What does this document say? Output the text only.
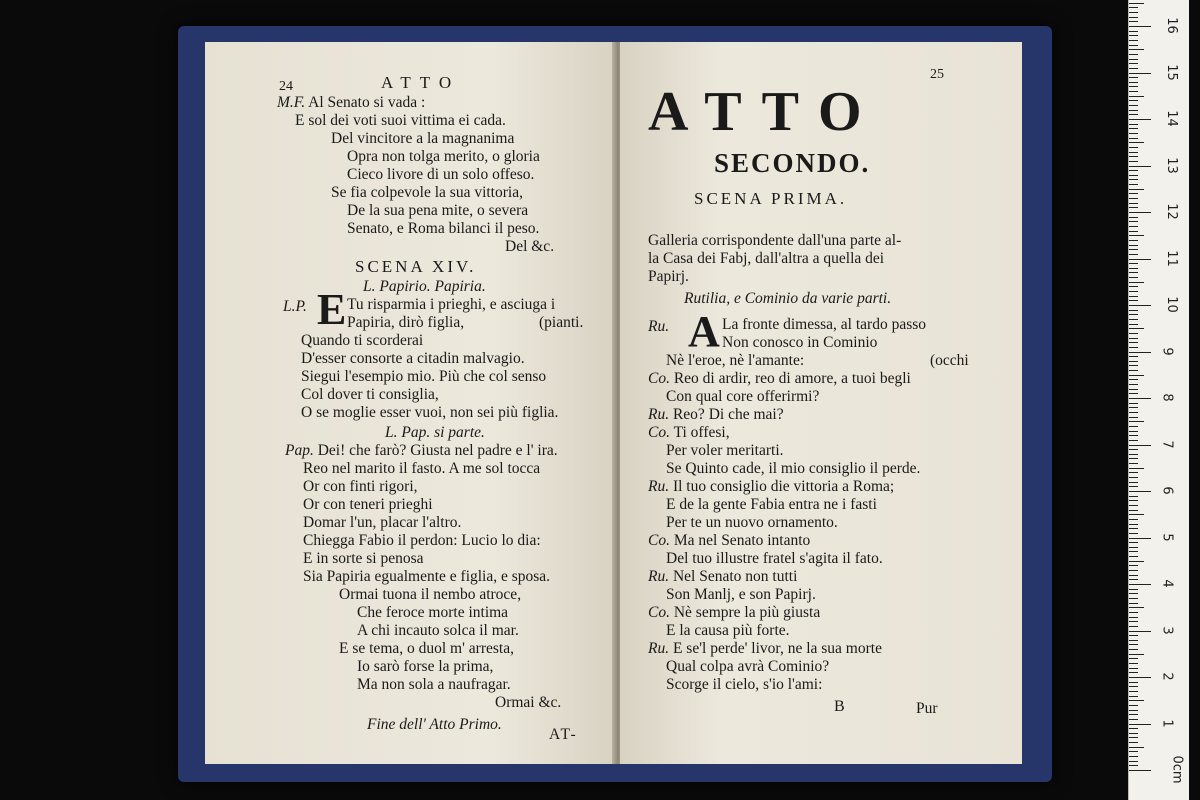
24	ATTO
M.F. Al Senato si vada :
E sol dei voti suoi vittima ei cada.
Del vincitore a la magnanima
Opra non tolga merito, o gloria
Cieco livore di un solo offeso.
Se fia colpevole la sua vittoria,
De la sua pena mite, o severa
Senato, e Roma bilanci il peso.
Del &c.
SCENA XIV.
L. Papirio. Papiria.
L.P. E Tu risparmia i prieghi, e asciuga i
Papiria, dirò figlia,	(pianti.
Quando ti scorderai
D'esser consorte a citadin malvagio.
Siegui l'esempio mio. Più che col senso
Col dover ti consiglia,
O se moglie esser vuoi, non sei più figlia.
L. Pap. si parte.
Pap. Dei! che farò? Giusta nel padre e l' ira.
Reo nel marito il fasto. A me sol tocca
Or con finti rigori,
Or con teneri prieghi
Domar l'un, placar l'altro.
Chiegga Fabio il perdon: Lucio lo dia:
E in sorte si penosa
Sia Papiria egualmente e figlia, e sposa.
Ormai tuona il nembo atroce,
Che feroce morte intima
A chi incauto solca il mar.
E se tema, o duol m' arresta,
Io sarò forse la prima,
Ma non sola a naufragar.
Ormai &c.
Fine dell' Atto Primo.
AT-
25
ATTO
SECONDO.
SCENA PRIMA.
Galleria corrispondente dall'una parte al-
la Casa dei Fabj, dall'altra a quella dei
Papirj.
Rutilia, e Cominio da varie parti.
Ru. A La fronte dimessa, al tardo passo
Non conosco in Cominio
Nè l'eroe, nè l'amante:	(occhi
Co. Reo di ardir, reo di amore, a tuoi begli
Con qual core offerirmi?
Ru. Reo? Di che mai?
Co. Ti offesi,
Per voler meritarti.
Se Quinto cade, il mio consiglio il perde.
Ru. Il tuo consiglio die vittoria a Roma;
E de la gente Fabia entra ne i fasti
Per te un nuovo ornamento.
Co. Ma nel Senato intanto
Del tuo illustre fratel s'agita il fato.
Ru. Nel Senato non tutti
Son Manlj, e son Papirj.
Co. Nè sempre la più giusta
E la causa più forte.
Ru. E se'l perde' livor, ne la sua morte
Qual colpa avrà Cominio?
Scorge il cielo, s'io l'ami:
B	Pur
0cm
1
2
3
4
5
6
7
8
9
10
11
12
13
14
15
16
